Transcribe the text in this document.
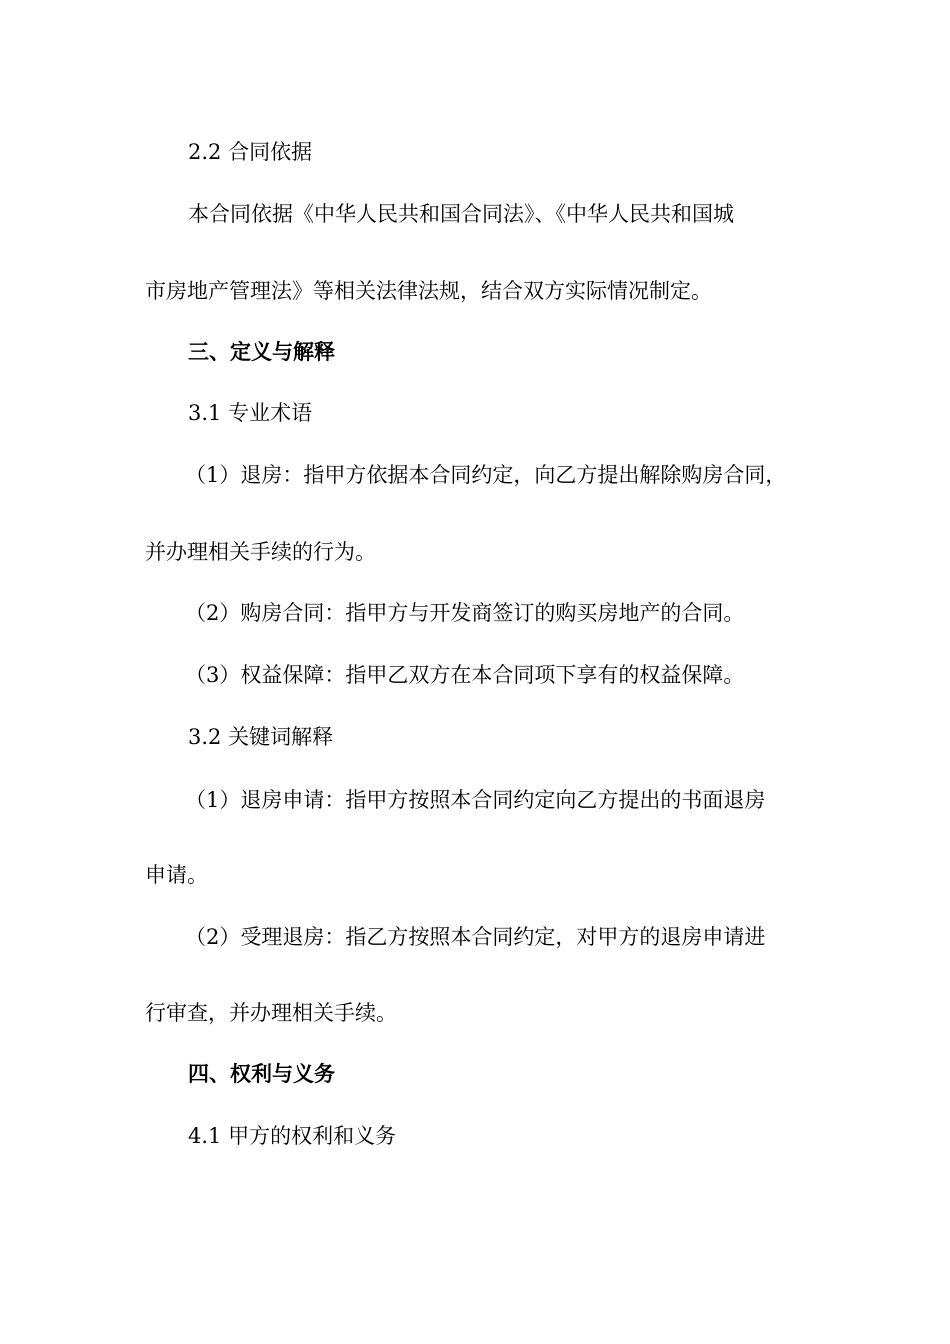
2.2 合同依据
本合同依据《中华人民共和国合同法》、《中华人民共和国城
市房地产管理法》等相关法律法规，结合双方实际情况制定。
三、定义与解释
3.1 专业术语
（1）退房：指甲方依据本合同约定，向乙方提出解除购房合同，
并办理相关手续的行为。
（2）购房合同：指甲方与开发商签订的购买房地产的合同。
（3）权益保障：指甲乙双方在本合同项下享有的权益保障。
3.2 关键词解释
（1）退房申请：指甲方按照本合同约定向乙方提出的书面退房
申请。
（2）受理退房：指乙方按照本合同约定，对甲方的退房申请进
行审查，并办理相关手续。
四、权利与义务
4.1 甲方的权利和义务
